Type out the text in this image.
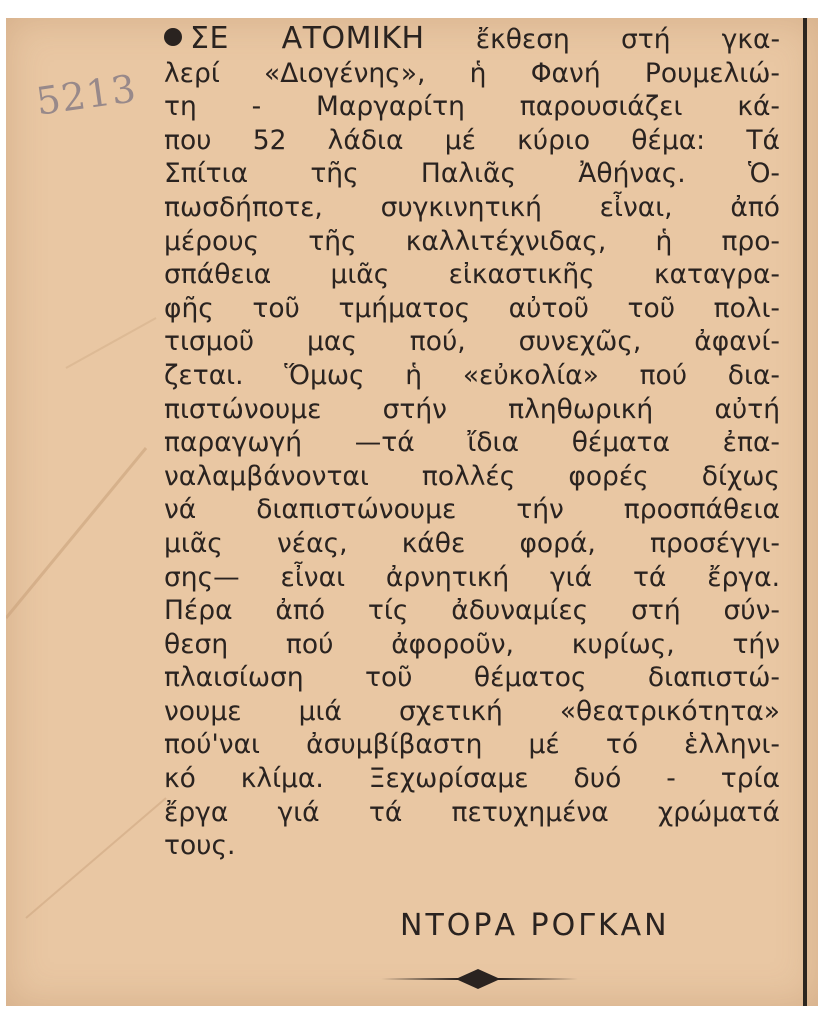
5213
ΣΕ ΑΤΟΜΙΚΗ ἔκθεση στή γκα-
λερί «Διογένης», ἡ Φανή Ρουμελιώ-
τη - Μαργαρίτη παρουσιάζει κά-
που 52 λάδια μέ κύριο θέμα: Τά
Σπίτια τῆς Παλιᾶς Ἀθήνας. Ὁ-
πωσδήποτε, συγκινητική εἶναι, ἀπό
μέρους τῆς καλλιτέχνιδας, ἡ προ-
σπάθεια μιᾶς εἰκαστικῆς καταγρα-
φῆς τοῦ τμήματος αὐτοῦ τοῦ πολι-
τισμοῦ μας πού, συνεχῶς, ἀφανί-
ζεται. Ὅμως ἡ «εὐκολία» πού δια-
πιστώνουμε στήν πληθωρική αὐτή
παραγωγή —τά ἴδια θέματα ἐπα-
ναλαμβάνονται πολλές φορές δίχως
νά διαπιστώνουμε τήν προσπάθεια
μιᾶς νέας, κάθε φορά, προσέγγι-
σης— εἶναι ἀρνητική γιά τά ἔργα.
Πέρα ἀπό τίς ἀδυναμίες στή σύν-
θεση πού ἀφοροῦν, κυρίως, τήν
πλαισίωση τοῦ θέματος διαπιστώ-
νουμε μιά σχετική «θεατρικότητα»
πού'ναι ἀσυμβίβαστη μέ τό ἑλληνι-
κό κλίμα. Ξεχωρίσαμε δυό - τρία
ἔργα γιά τά πετυχημένα χρώματά
τους.
ΝΤΟΡΑ ΡΟΓΚΑΝ
